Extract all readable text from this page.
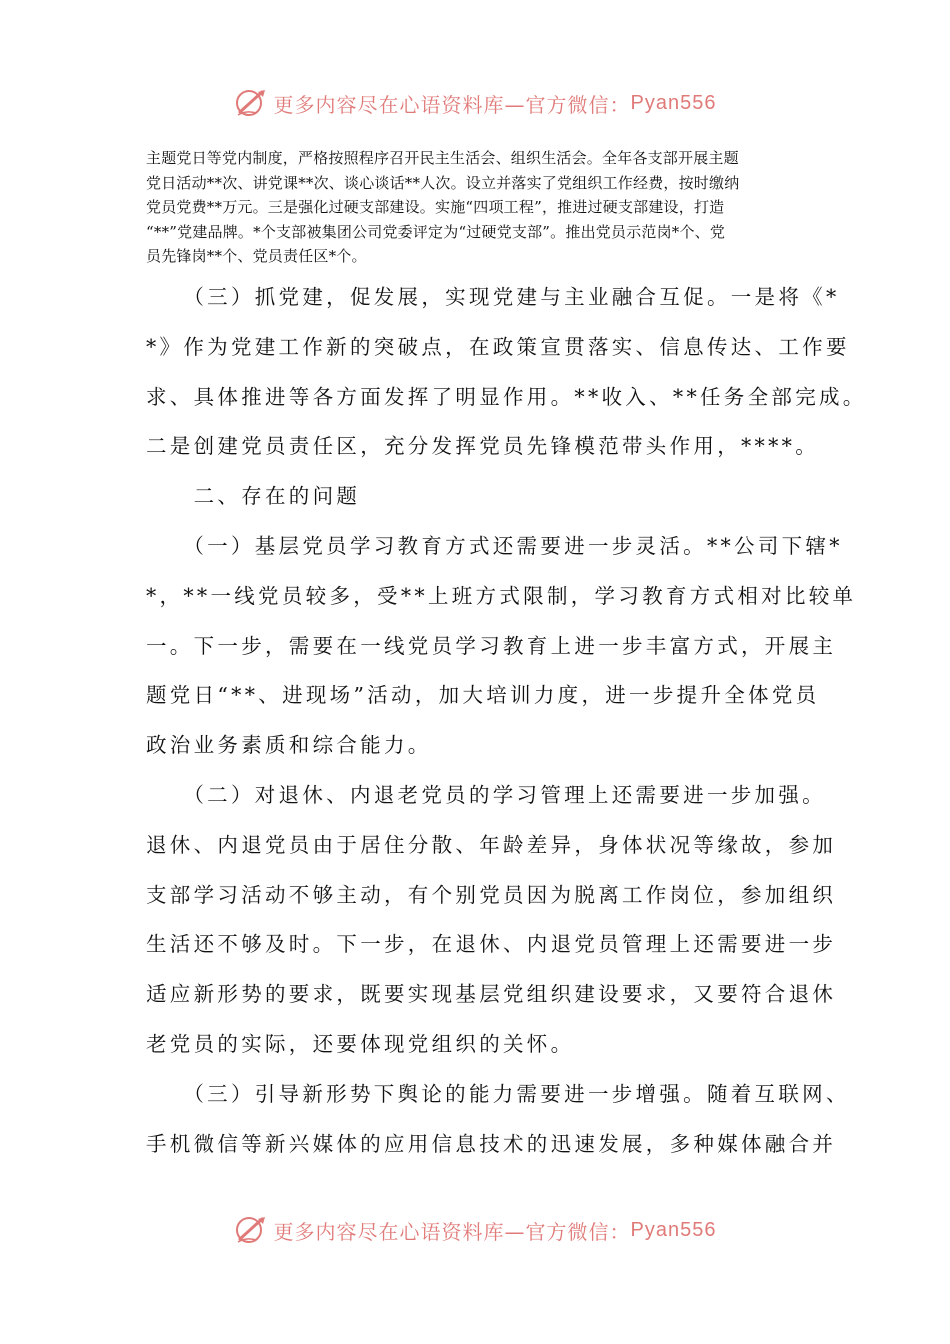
更多内容尽在心语资料库—官方微信： Pyan556
主题党日等党内制度，严格按照程序召开民主生活会、组织生活会。全年各支部开展主题
党日活动**次、讲党课**次、谈心谈话**人次。设立并落实了党组织工作经费，按时缴纳
党员党费**万元。三是强化过硬支部建设。实施“四项工程”，推进过硬支部建设，打造
“**”党建品牌。*个支部被集团公司党委评定为“过硬党支部”。推出党员示范岗*个、党
员先锋岗**个、党员责任区*个。
　　（三）抓党建，促发展，实现党建与主业融合互促。一是将《*
*》作为党建工作新的突破点，在政策宣贯落实、信息传达、工作要
求、具体推进等各方面发挥了明显作用。**收入、**任务全部完成。
二是创建党员责任区，充分发挥党员先锋模范带头作用，****。
　　二、存在的问题
　　（一）基层党员学习教育方式还需要进一步灵活。**公司下辖*
*，**一线党员较多，受**上班方式限制，学习教育方式相对比较单
一。下一步，需要在一线党员学习教育上进一步丰富方式，开展主
题党日“**、进现场”活动，加大培训力度，进一步提升全体党员
政治业务素质和综合能力。
　　（二）对退休、内退老党员的学习管理上还需要进一步加强。
退休、内退党员由于居住分散、年龄差异，身体状况等缘故，参加
支部学习活动不够主动，有个别党员因为脱离工作岗位，参加组织
生活还不够及时。下一步，在退休、内退党员管理上还需要进一步
适应新形势的要求，既要实现基层党组织建设要求，又要符合退休
老党员的实际，还要体现党组织的关怀。
　　（三）引导新形势下舆论的能力需要进一步增强。随着互联网、
手机微信等新兴媒体的应用信息技术的迅速发展，多种媒体融合并
更多内容尽在心语资料库—官方微信： Pyan556
